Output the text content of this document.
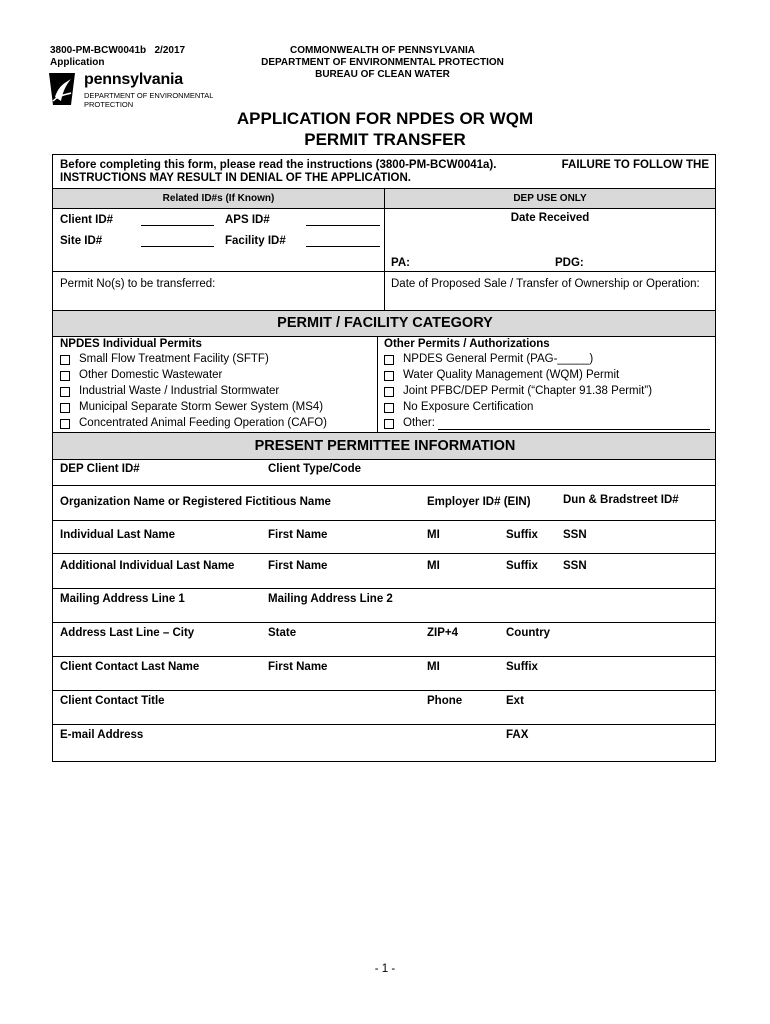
3800-PM-BCW0041b 2/2017
Application
pennsylvania
DEPARTMENT OF ENVIRONMENTAL
PROTECTION
COMMONWEALTH OF PENNSYLVANIA
DEPARTMENT OF ENVIRONMENTAL PROTECTION
BUREAU OF CLEAN WATER
APPLICATION FOR NPDES OR WQM
PERMIT TRANSFER
Before completing this form, please read the instructions (3800-PM-BCW0041a).	FAILURE TO FOLLOW THE
INSTRUCTIONS MAY RESULT IN DENIAL OF THE APPLICATION.
Related ID#s (If Known)	DEP USE ONLY
Client ID#	APS ID#
Site ID#	Facility ID#
Date Received
PA:	PDG:
Permit No(s) to be transferred:	Date of Proposed Sale / Transfer of Ownership or Operation:
PERMIT / FACILITY CATEGORY
NPDES Individual Permits
Small Flow Treatment Facility (SFTF)
Other Domestic Wastewater
Industrial Waste / Industrial Stormwater
Municipal Separate Storm Sewer System (MS4)
Concentrated Animal Feeding Operation (CAFO)
Other Permits / Authorizations
NPDES General Permit (PAG-_____)
Water Quality Management (WQM) Permit
Joint PFBC/DEP Permit (“Chapter 91.38 Permit”)
No Exposure Certification
Other:
PRESENT PERMITTEE INFORMATION
DEP Client ID#	Client Type/Code
Organization Name or Registered Fictitious Name	Employer ID# (EIN)	Dun & Bradstreet ID#
Individual Last Name	First Name	MI	Suffix SSN
Additional Individual Last Name	First Name	MI	Suffix SSN
Mailing Address Line 1	Mailing Address Line 2
Address Last Line – City	State	ZIP+4	Country
Client Contact Last Name	First Name	MI	Suffix
Client Contact Title	Phone	Ext
E-mail Address	FAX
- 1 -
